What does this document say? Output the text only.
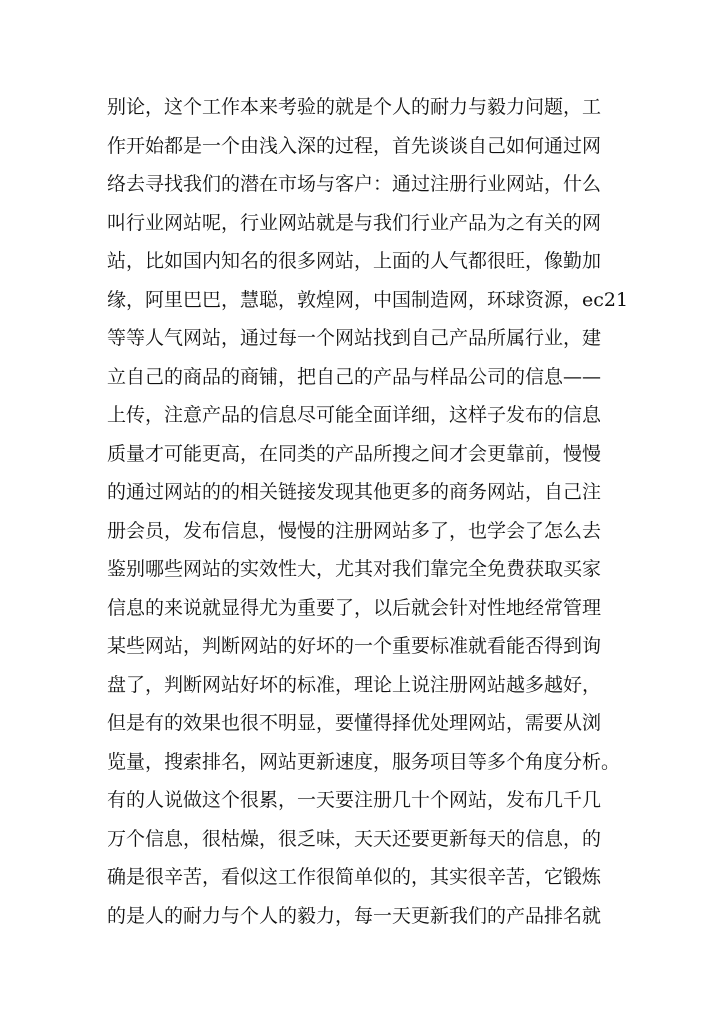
别论，这个工作本来考验的就是个人的耐力与毅力问题，工
作开始都是一个由浅入深的过程，首先谈谈自己如何通过网
络去寻找我们的潜在市场与客户：通过注册行业网站，什么
叫行业网站呢，行业网站就是与我们行业产品为之有关的网
站，比如国内知名的很多网站，上面的人气都很旺，像勤加
缘，阿里巴巴，慧聪，敦煌网，中国制造网，环球资源，ec21
等等人气网站，通过每一个网站找到自己产品所属行业，建
立自己的商品的商铺，把自己的产品与样品公司的信息——
上传，注意产品的信息尽可能全面详细，这样子发布的信息
质量才可能更高，在同类的产品所搜之间才会更靠前，慢慢
的通过网站的的相关链接发现其他更多的商务网站，自己注
册会员，发布信息，慢慢的注册网站多了，也学会了怎么去
鉴别哪些网站的实效性大，尤其对我们靠完全免费获取买家
信息的来说就显得尤为重要了，以后就会针对性地经常管理
某些网站，判断网站的好坏的一个重要标准就看能否得到询
盘了，判断网站好坏的标准，理论上说注册网站越多越好，
但是有的效果也很不明显，要懂得择优处理网站，需要从浏
览量，搜索排名，网站更新速度，服务项目等多个角度分析。
有的人说做这个很累，一天要注册几十个网站，发布几千几
万个信息，很枯燥，很乏味，天天还要更新每天的信息，的
确是很辛苦，看似这工作很简单似的，其实很辛苦，它锻炼
的是人的耐力与个人的毅力，每一天更新我们的产品排名就
